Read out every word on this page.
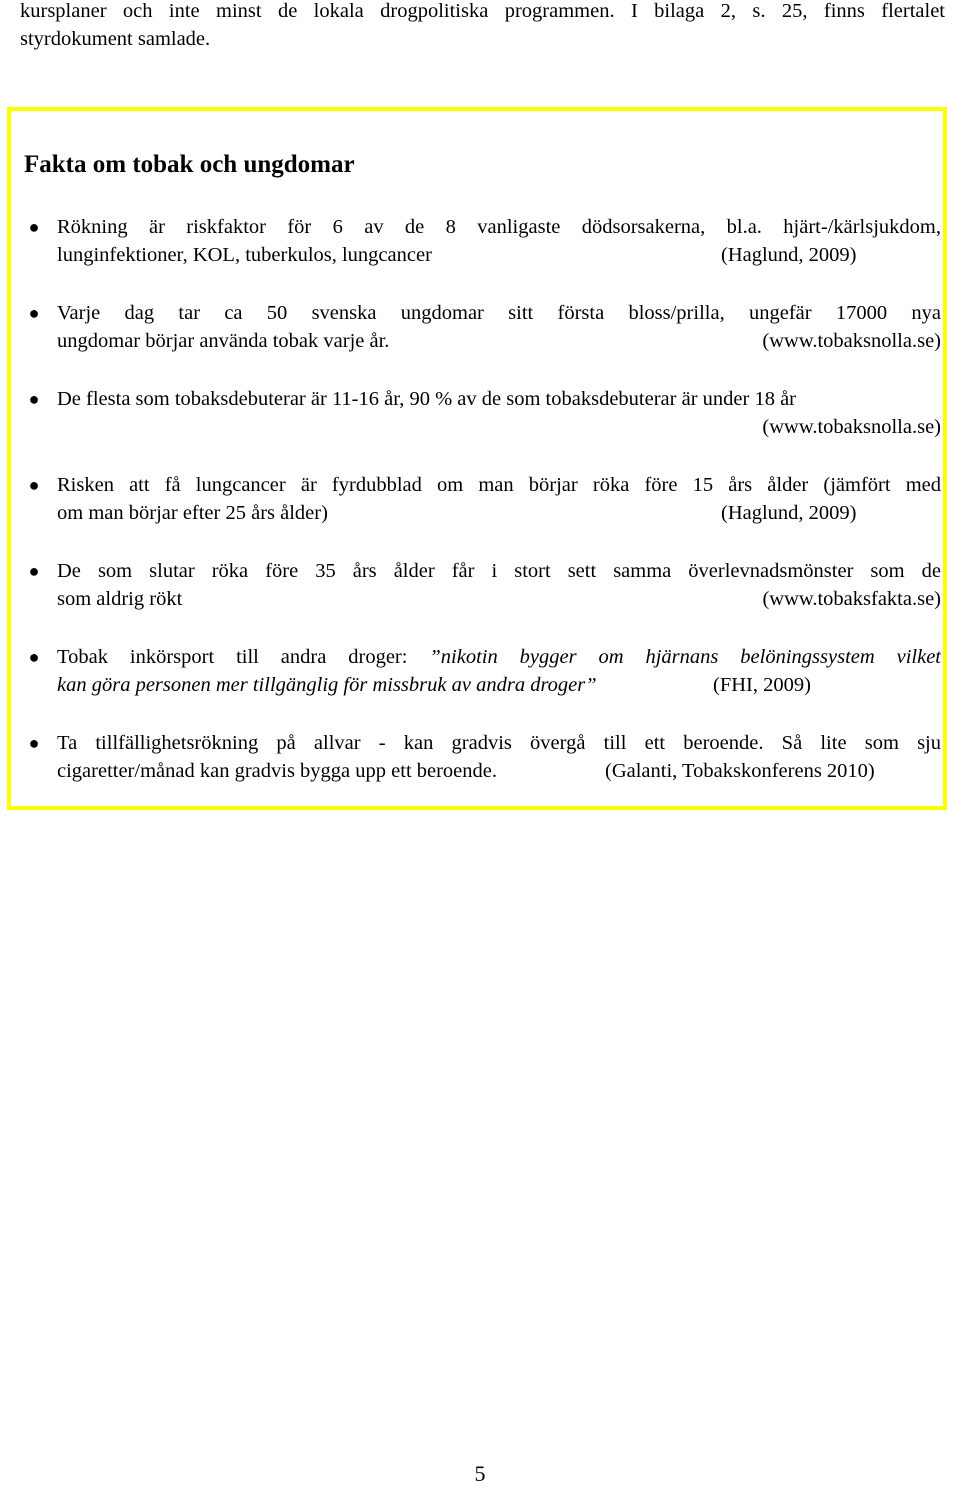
kursplaner och inte minst de lokala drogpolitiska programmen. I bilaga 2, s. 25, finns flertalet
styrdokument samlade.

Fakta om tobak och ungdomar
● Rökning är riskfaktor för 6 av de 8 vanligaste dödsorsakerna, bl.a. hjärt-/kärlsjukdom,
lunginfektioner, KOL, tuberkulos, lungcancer	(Haglund, 2009)
● Varje dag tar ca 50 svenska ungdomar sitt första bloss/prilla, ungefär 17000 nya
ungdomar börjar använda tobak varje år.	(www.tobaksnolla.se)
● De flesta som tobaksdebuterar är 11-16 år, 90 % av de som tobaksdebuterar är under 18 år
(www.tobaksnolla.se)
● Risken att få lungcancer är fyrdubblad om man börjar röka före 15 års ålder (jämfört med
om man börjar efter 25 års ålder)	(Haglund, 2009)
● De som slutar röka före 35 års ålder får i stort sett samma överlevnadsmönster som de
som aldrig rökt	(www.tobaksfakta.se)
● Tobak inkörsport till andra droger: ”nikotin bygger om hjärnans belöningssystem vilket
kan göra personen mer tillgänglig för missbruk av andra droger”	(FHI, 2009)
● Ta tillfällighetsrökning på allvar - kan gradvis övergå till ett beroende. Så lite som sju
cigaretter/månad kan gradvis bygga upp ett beroende.	(Galanti, Tobakskonferens 2010)
5
